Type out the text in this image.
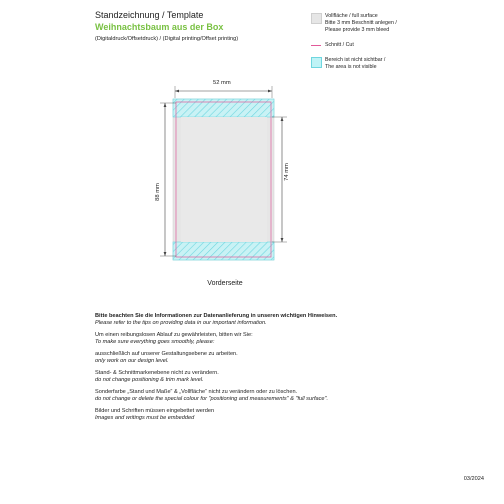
Standzeichnung / Template
Weihnachtsbaum aus der Box
(Digitaldruck/Offsetdruck) / (Digital printing/Offset printing)
Vollfläche / full surface
Bitte 3 mm Beschnitt anlegen /
Please provide 3 mm bleed
Schnitt / Cut
Bereich ist nicht sichtbar /
The area is not visible
52 mm
88 mm
74 mm
Vorderseite

Bitte beachten Sie die Informationen zur Datenanlieferung in unseren wichtigen Hinweisen.
Please refer to the tips on providing data in our important information.

Um einen reibungslosen Ablauf zu gewährleisten, bitten wir Sie:
To make sure everything goes smoothly, please:

ausschließlich auf unserer Gestaltungsebene zu arbeiten.
only work on our design level.

Stand- & Schnittmarkenebene nicht zu verändern.
do not change positioning & trim mark level.

Sonderfarbe „Stand und Maße“ & „Vollfläche“ nicht zu verändern oder zu löschen.
do not change or delete the special colour for "positioning and measurements" & "full surface".

Bilder und Schriften müssen eingebettet werden
Images and writings must be embedded

03/2024
